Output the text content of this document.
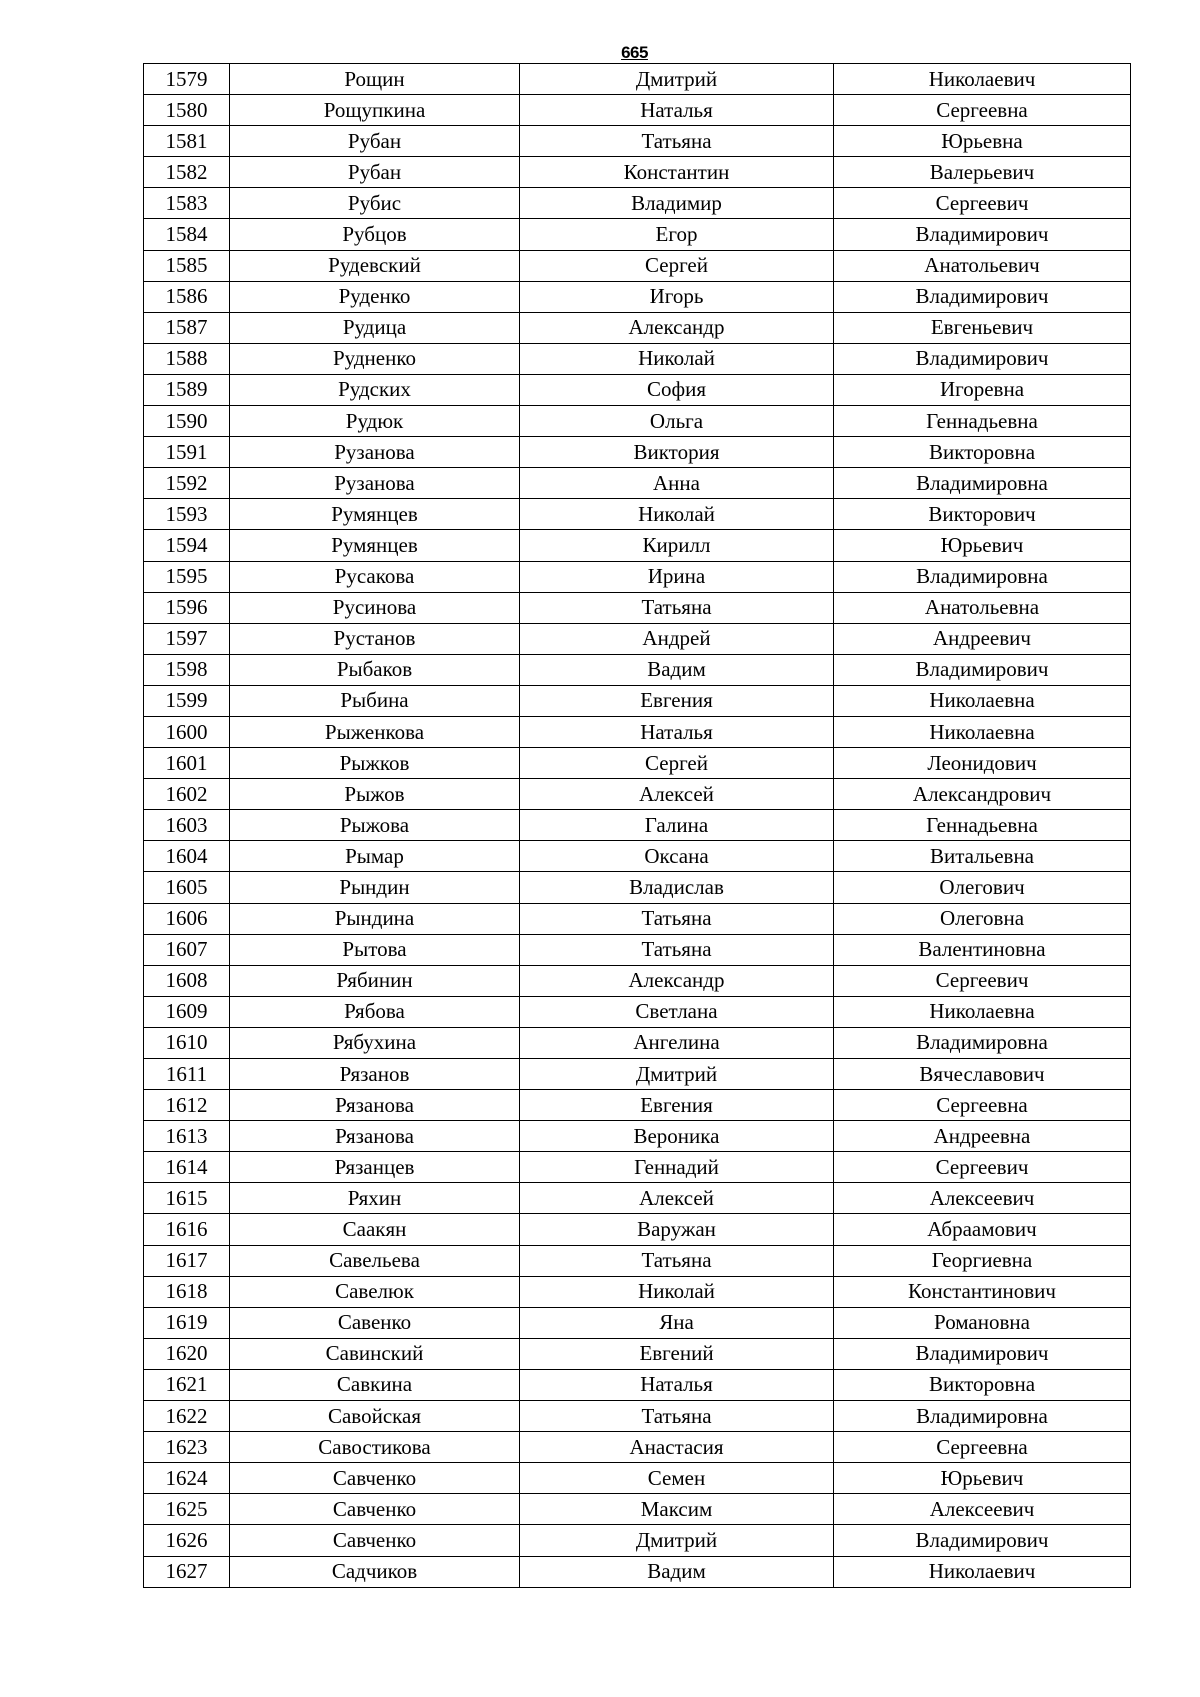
665
1579	Рощин	Дмитрий	Николаевич
1580	Рощупкина	Наталья	Сергеевна
1581	Рубан	Татьяна	Юрьевна
1582	Рубан	Константин	Валерьевич
1583	Рубис	Владимир	Сергеевич
1584	Рубцов	Егор	Владимирович
1585	Рудевский	Сергей	Анатольевич
1586	Руденко	Игорь	Владимирович
1587	Рудица	Александр	Евгеньевич
1588	Рудненко	Николай	Владимирович
1589	Рудских	София	Игоревна
1590	Рудюк	Ольга	Геннадьевна
1591	Рузанова	Виктория	Викторовна
1592	Рузанова	Анна	Владимировна
1593	Румянцев	Николай	Викторович
1594	Румянцев	Кирилл	Юрьевич
1595	Русакова	Ирина	Владимировна
1596	Русинова	Татьяна	Анатольевна
1597	Рустанов	Андрей	Андреевич
1598	Рыбаков	Вадим	Владимирович
1599	Рыбина	Евгения	Николаевна
1600	Рыженкова	Наталья	Николаевна
1601	Рыжков	Сергей	Леонидович
1602	Рыжов	Алексей	Александрович
1603	Рыжова	Галина	Геннадьевна
1604	Рымар	Оксана	Витальевна
1605	Рындин	Владислав	Олегович
1606	Рындина	Татьяна	Олеговна
1607	Рытова	Татьяна	Валентиновна
1608	Рябинин	Александр	Сергеевич
1609	Рябова	Светлана	Николаевна
1610	Рябухина	Ангелина	Владимировна
1611	Рязанов	Дмитрий	Вячеславович
1612	Рязанова	Евгения	Сергеевна
1613	Рязанова	Вероника	Андреевна
1614	Рязанцев	Геннадий	Сергеевич
1615	Ряхин	Алексей	Алексеевич
1616	Саакян	Варужан	Абраамович
1617	Савельева	Татьяна	Георгиевна
1618	Савелюк	Николай	Константинович
1619	Савенко	Яна	Романовна
1620	Савинский	Евгений	Владимирович
1621	Савкина	Наталья	Викторовна
1622	Савойская	Татьяна	Владимировна
1623	Савостикова	Анастасия	Сергеевна
1624	Савченко	Семен	Юрьевич
1625	Савченко	Максим	Алексеевич
1626	Савченко	Дмитрий	Владимирович
1627	Садчиков	Вадим	Николаевич
